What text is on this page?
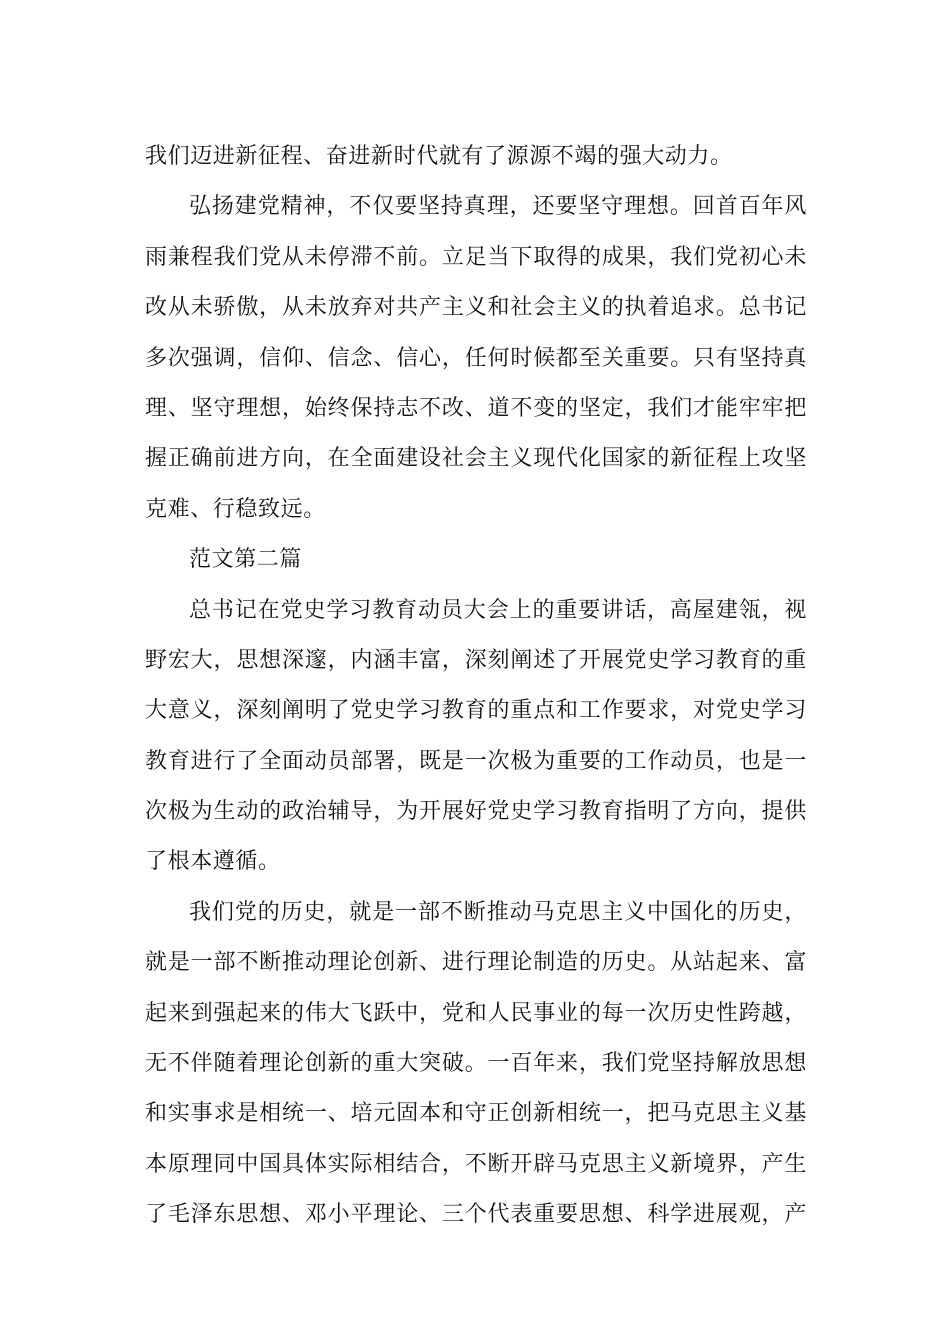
我们迈进新征程、奋进新时代就有了源源不竭的强大动力。
弘扬建党精神，不仅要坚持真理，还要坚守理想。回首百年风
雨兼程我们党从未停滞不前。立足当下取得的成果，我们党初心未
改从未骄傲，从未放弃对共产主义和社会主义的执着追求。总书记
多次强调，信仰、信念、信心，任何时候都至关重要。只有坚持真
理、坚守理想，始终保持志不改、道不变的坚定，我们才能牢牢把
握正确前进方向，在全面建设社会主义现代化国家的新征程上攻坚
克难、行稳致远。
范文第二篇
总书记在党史学习教育动员大会上的重要讲话，高屋建瓴，视
野宏大，思想深邃，内涵丰富，深刻阐述了开展党史学习教育的重
大意义，深刻阐明了党史学习教育的重点和工作要求，对党史学习
教育进行了全面动员部署，既是一次极为重要的工作动员，也是一
次极为生动的政治辅导，为开展好党史学习教育指明了方向，提供
了根本遵循。
我们党的历史，就是一部不断推动马克思主义中国化的历史，
就是一部不断推动理论创新、进行理论制造的历史。从站起来、富
起来到强起来的伟大飞跃中，党和人民事业的每一次历史性跨越，
无不伴随着理论创新的重大突破。一百年来，我们党坚持解放思想
和实事求是相统一、培元固本和守正创新相统一，把马克思主义基
本原理同中国具体实际相结合，不断开辟马克思主义新境界，产生
了毛泽东思想、邓小平理论、三个代表重要思想、科学进展观，产
